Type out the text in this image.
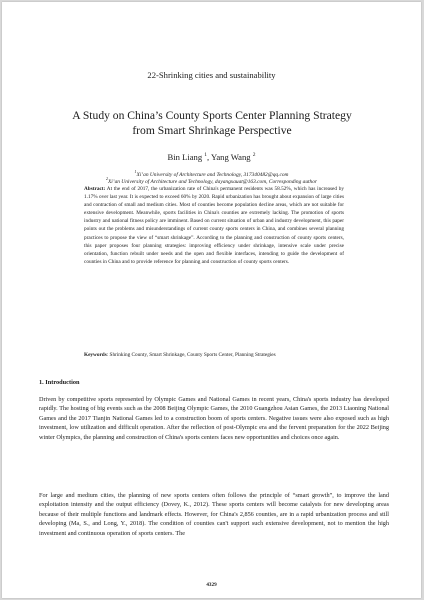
22-Shrinking cities and sustainability
A Study on China’s County Sports Center Planning Strategy
from Smart Shrinkage Perspective
Bin Liang $^1$, Yang Wang $^2$
$^1$Xi’an University of Architecture and Technology, 317340482@qq.com
$^2$Xi’an University of Architecture and Technology, dayangxauat@163.com, Corresponding author
Abstract: At the end of 2017, the urbanization rate of China's permanent residents was 58.52%, which has increased by 1.17% over last year. It is expected to exceed 60% by 2020. Rapid urbanization has brought about expansion of large cities and contraction of small and medium cities. Most of counties become population decline areas, which are not suitable for extensive development. Meanwhile, sports facilities in China's counties are extremely lacking. The promotion of sports industry and national fitness policy are imminent. Based on current situation of urban and industry development, this paper points out the problems and misunderstandings of current county sports centers in China, and combines several planning practices to propose the view of “smart shrinkage”. According to the planning and construction of county sports centers, this paper proposes four planning strategies: improving efficiency under shrinkage, intensive scale under precise orientation, function rebuilt under needs and the open and flexible interfaces, intending to guide the development of counties in China and to provide reference for planning and construction of county sports centers.
Keywords: Shrinking County, Smart Shrinkage, County Sports Center, Planning Strategies
1. Introduction
Driven by competitive sports represented by Olympic Games and National Games in recent years, China's sports industry has developed rapidly. The hosting of big events such as the 2008 Beijing Olympic Games, the 2010 Guangzhou Asian Games, the 2013 Liaoning National Games and the 2017 Tianjin National Games led to a construction boom of sports centers. Negative issues were also exposed such as high investment, low utilization and difficult operation. After the reflection of post-Olympic era and the fervent preparation for the 2022 Beijing winter Olympics, the planning and construction of China's sports centers faces new opportunities and choices once again.
For large and medium cities, the planning of new sports centers often follows the principle of “smart growth”, to improve the land exploitation intensity and the output efficiency (Dovey, K., 2012). These sports centers will become catalysts for new developing areas because of their multiple functions and landmark effects. However, for China's 2,856 counties, are in a rapid urbanization process and still developing (Ma, S., and Long, Y., 2018). The condition of counties can't support such extensive development, not to mention the high investment and continuous operation of sports centers. The
4329
